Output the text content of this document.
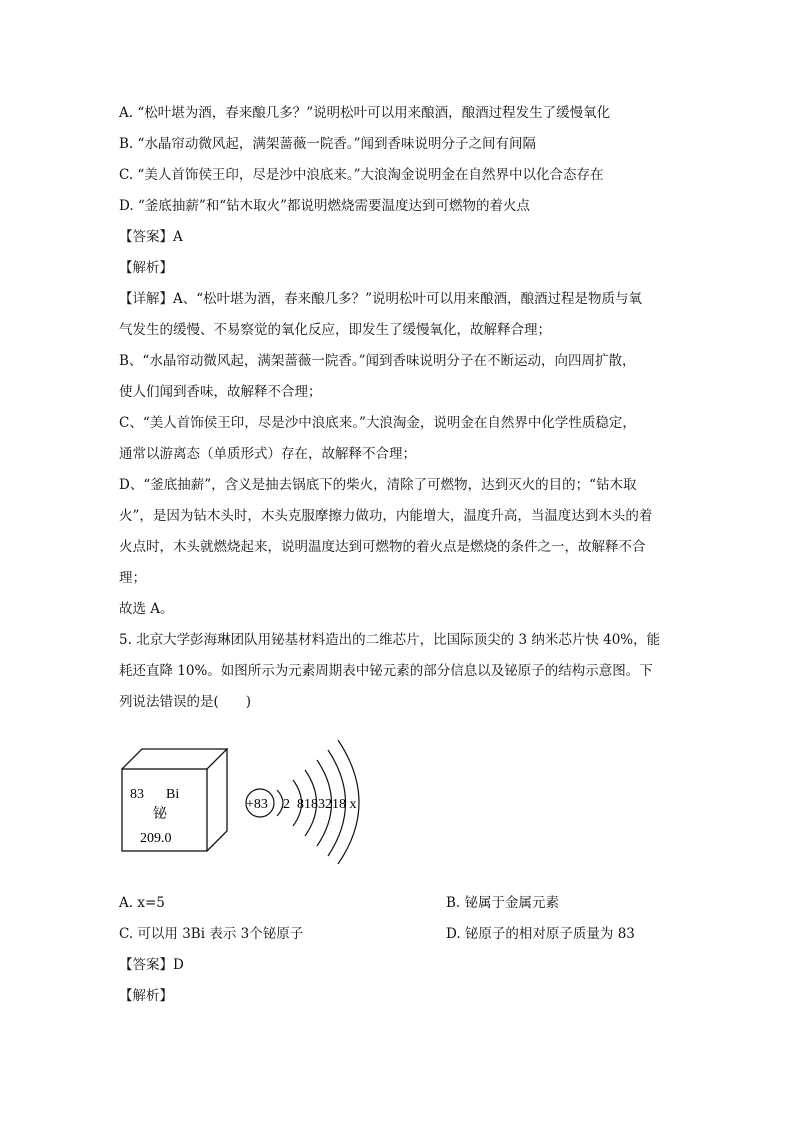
A. “松叶堪为酒，春来酿几多？”说明松叶可以用来酿酒，酿酒过程发生了缓慢氧化
B. “水晶帘动微风起，满架蔷薇一院香。”闻到香味说明分子之间有间隔
C. “美人首饰侯王印，尽是沙中浪底来。”大浪淘金说明金在自然界中以化合态存在
D. “釜底抽薪”和“钻木取火”都说明燃烧需要温度达到可燃物的着火点
【答案】A
【解析】
【详解】A、“松叶堪为酒，春来酿几多？”说明松叶可以用来酿酒，酿酒过程是物质与氧
气发生的缓慢、不易察觉的氧化反应，即发生了缓慢氧化，故解释合理；
B、“水晶帘动微风起，满架蔷薇一院香。”闻到香味说明分子在不断运动，向四周扩散，
使人们闻到香味，故解释不合理；
C、“美人首饰侯王印，尽是沙中浪底来。”大浪淘金，说明金在自然界中化学性质稳定，
通常以游离态（单质形式）存在，故解释不合理；
D、“釜底抽薪”，含义是抽去锅底下的柴火，清除了可燃物，达到灭火的目的；“钻木取
火”，是因为钻木头时，木头克服摩擦力做功，内能增大，温度升高，当温度达到木头的着
火点时，木头就燃烧起来，说明温度达到可燃物的着火点是燃烧的条件之一，故解释不合
理；
故选 A。
5. 北京大学彭海琳团队用铋基材料造出的二维芯片，比国际顶尖的 3 纳米芯片快 40%，能
耗还直降 10%。如图所示为元素周期表中铋元素的部分信息以及铋原子的结构示意图。下
列说法错误的是(　　)
83 Bi
铋
209.0
+83 2  8183218 x
A. x=5	B. 铋属于金属元素
C. 可以用 3Bi 表示 3个铋原子	D. 铋原子的相对原子质量为 83
【答案】D
【解析】
